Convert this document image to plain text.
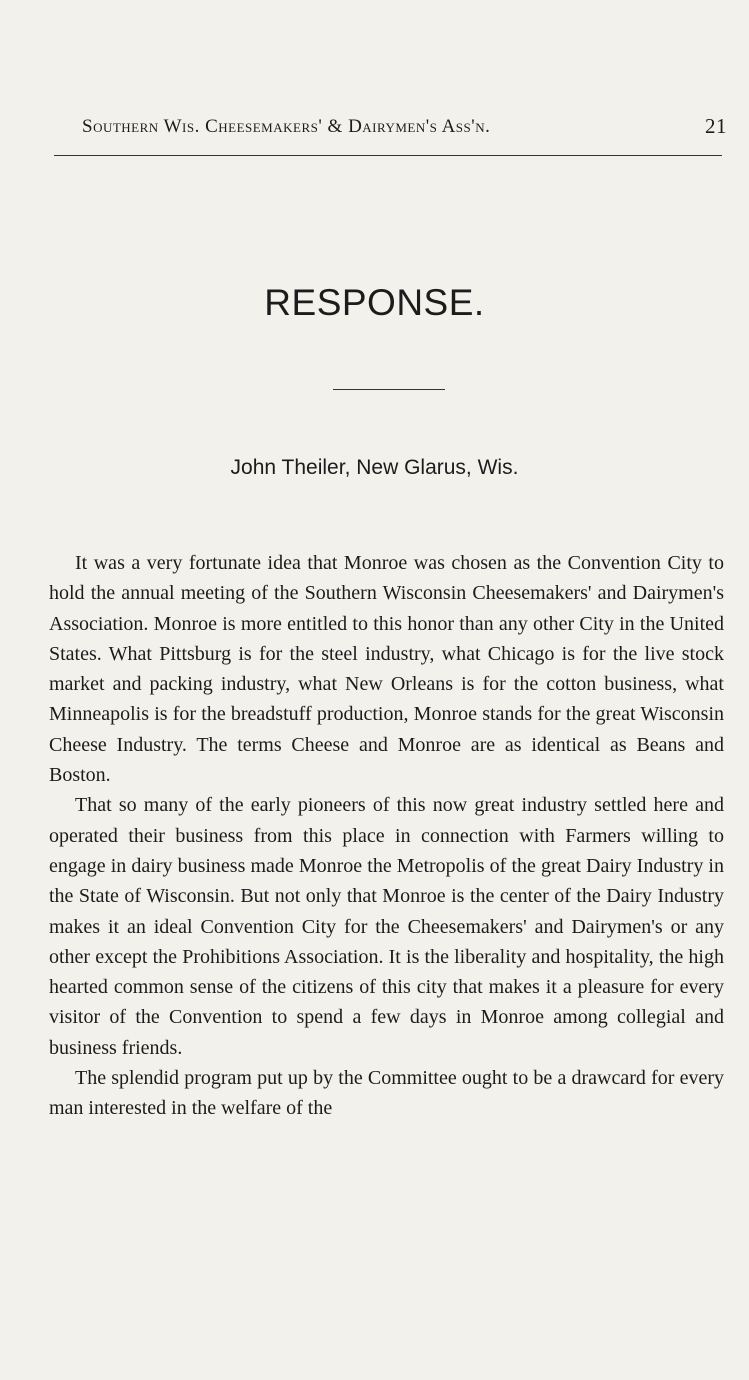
Southern Wis. Cheesemakers' & Dairymen's Ass'n.	21
RESPONSE.
John Theiler, New Glarus, Wis.

It was a very fortunate idea that Monroe was chosen as the Convention City to hold the annual meeting of the Southern Wisconsin Cheesemakers' and Dairymen's Association. Monroe is more entitled to this honor than any other City in the United States. What Pittsburg is for the steel industry, what Chicago is for the live stock market and packing industry, what New Orleans is for the cotton business, what Minneapolis is for the breadstuff production, Monroe stands for the great Wisconsin Cheese Industry. The terms Cheese and Monroe are as identical as Beans and Boston.

That so many of the early pioneers of this now great industry settled here and operated their business from this place in connection with Farmers willing to engage in dairy business made Monroe the Metropolis of the great Dairy Industry in the State of Wisconsin. But not only that Monroe is the center of the Dairy Industry makes it an ideal Convention City for the Cheesemakers' and Dairymen's or any other except the Prohibitions Association. It is the liberality and hospitality, the high hearted common sense of the citizens of this city that makes it a pleasure for every visitor of the Convention to spend a few days in Monroe among collegial and business friends.

The splendid program put up by the Committee ought to be a drawcard for every man interested in the welfare of the
